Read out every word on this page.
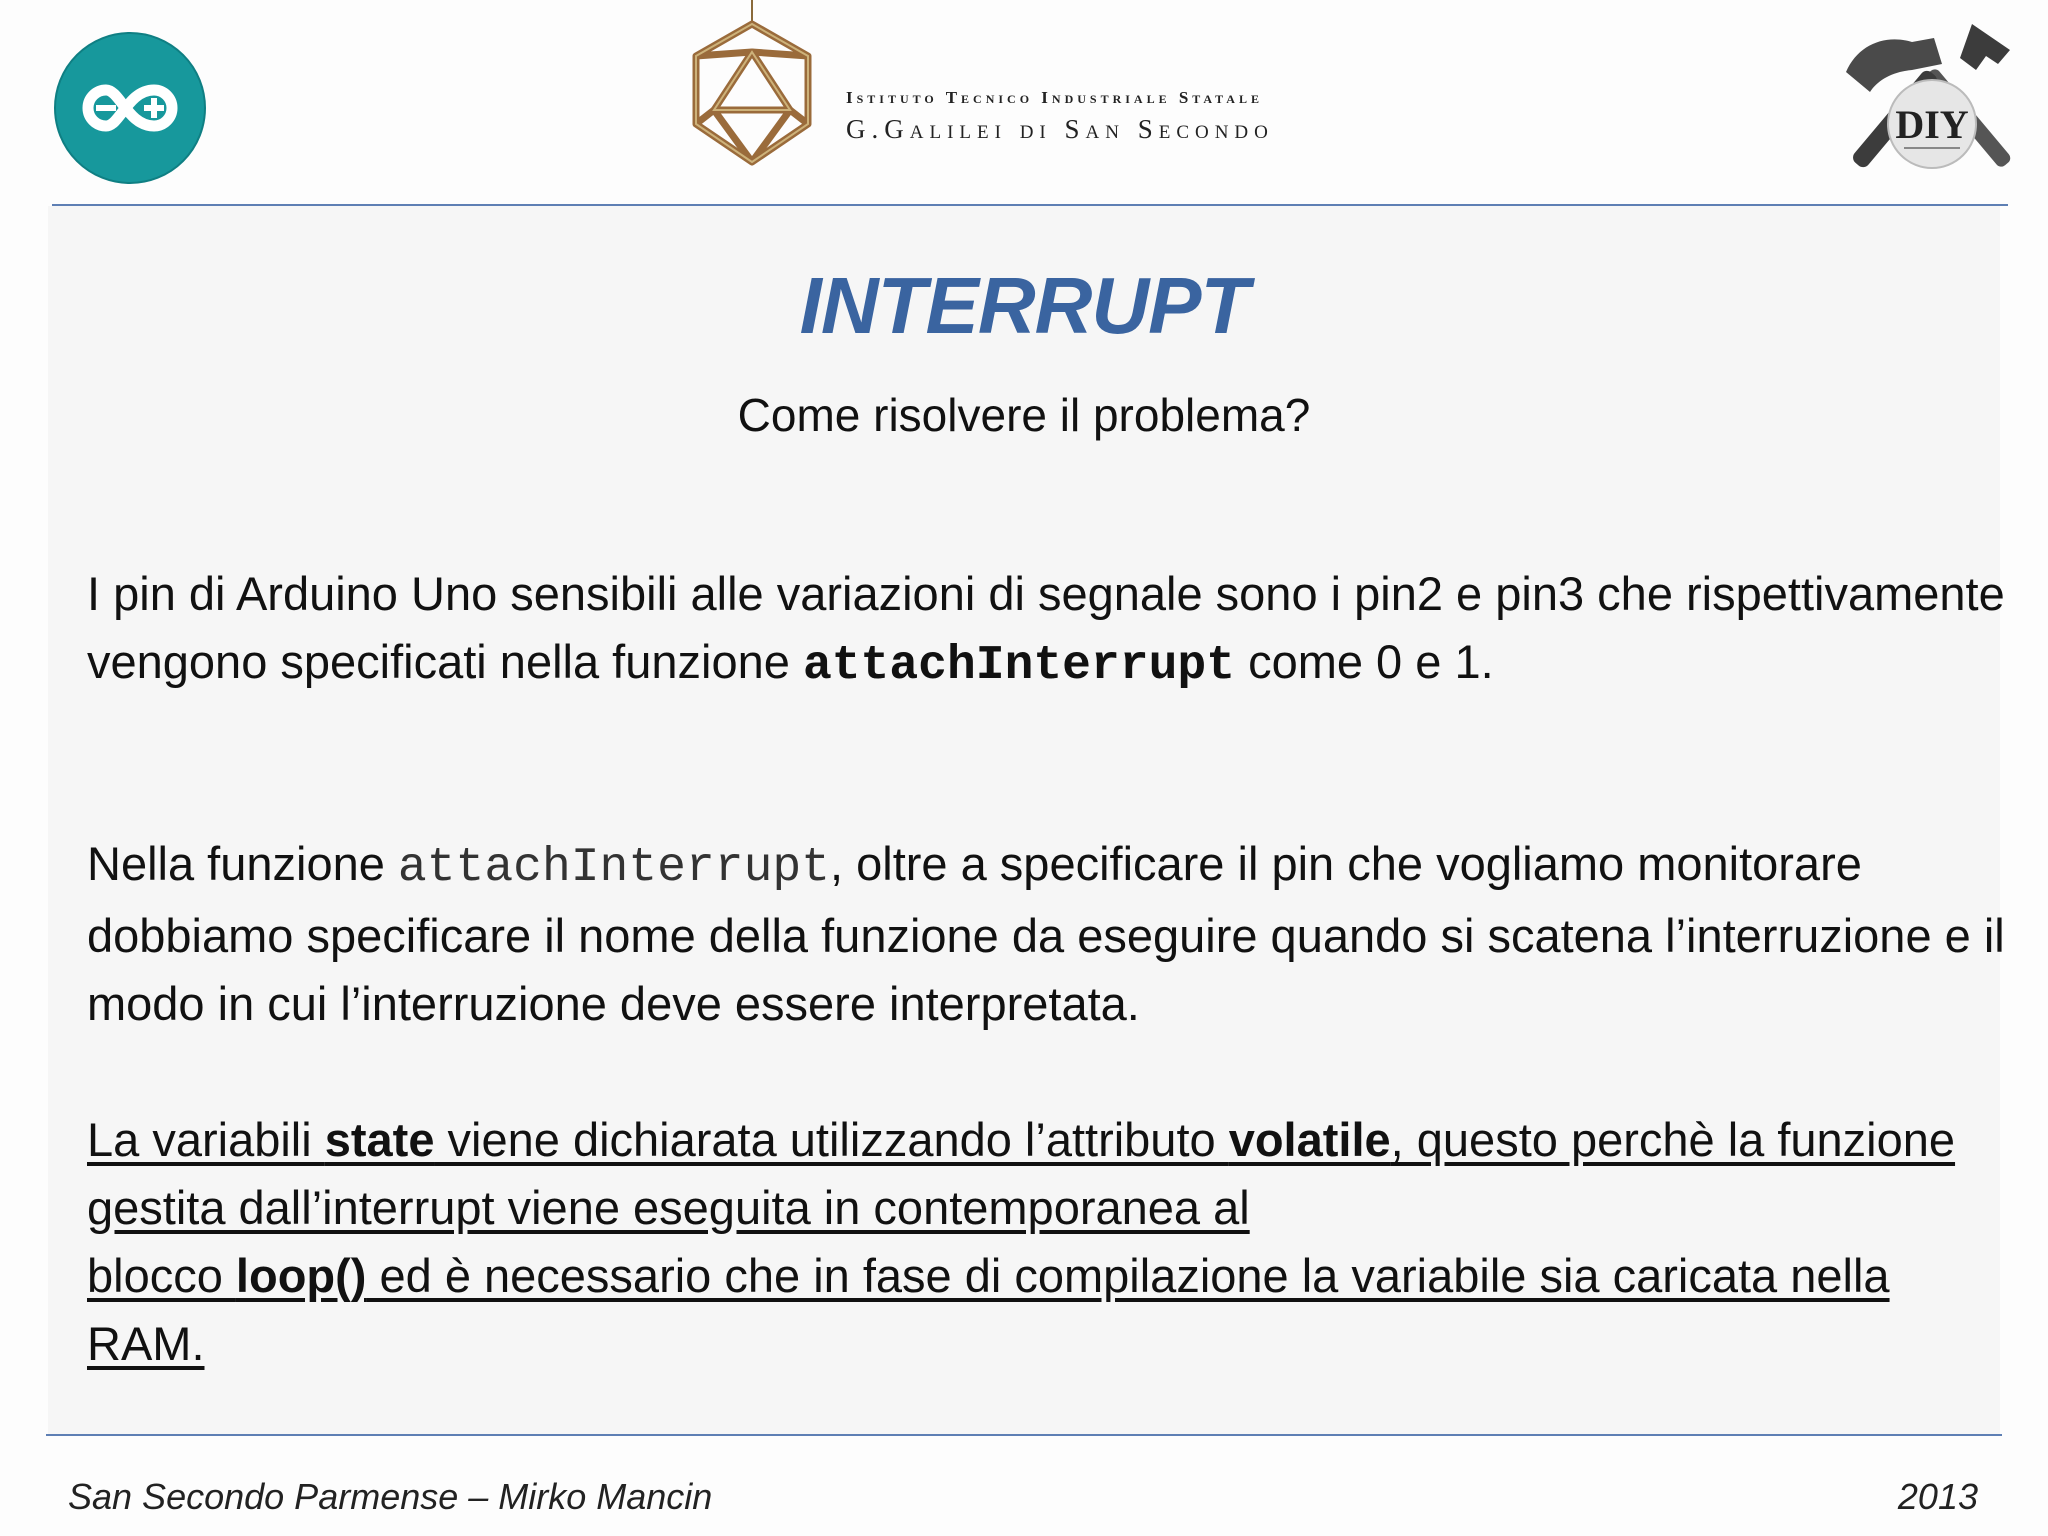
Istituto Tecnico Industriale Statale
G.Galilei di San Secondo	DIY
INTERRUPT
Come risolvere il problema?
I pin di Arduino Uno sensibili alle variazioni di segnale sono i pin2 e pin3 che rispettivamente vengono specificati nella funzione attachInterrupt come 0 e 1.
Nella funzione attachInterrupt, oltre a specificare il pin che vogliamo monitorare dobbiamo specificare il nome della funzione da eseguire quando si scatena l’interruzione e il modo in cui l’interruzione deve essere interpretata.
La variabili state viene dichiarata utilizzando l’attributo volatile, questo perchè la funzione gestita dall’interrupt viene eseguita in contemporanea al
blocco loop() ed è necessario che in fase di compilazione la variabile sia caricata nella RAM.
San Secondo Parmense – Mirko Mancin	2013
